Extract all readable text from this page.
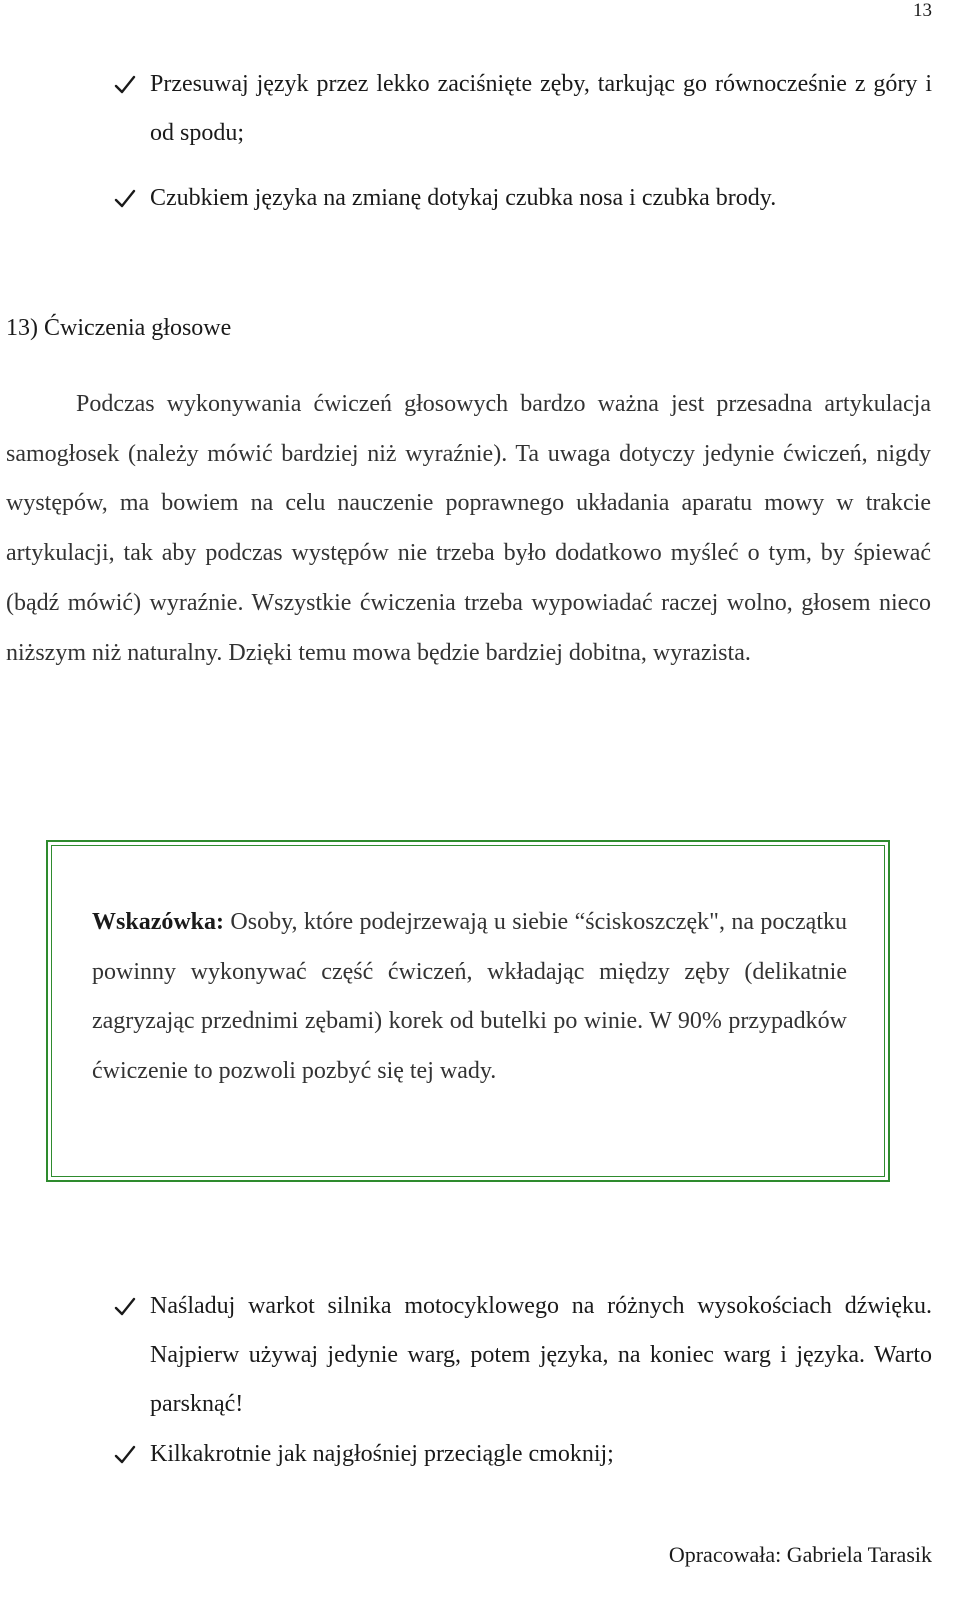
13
Przesuwaj język przez lekko zaciśnięte zęby, tarkując go równocześnie z góry i od spodu;
Czubkiem języka na zmianę dotykaj czubka nosa i czubka brody.
13) Ćwiczenia głosowe

Podczas wykonywania ćwiczeń głosowych bardzo ważna jest przesadna artykulacja samogłosek (należy mówić bardziej niż wyraźnie). Ta uwaga dotyczy jedynie ćwiczeń, nigdy występów, ma bowiem na celu nauczenie poprawnego układania aparatu mowy w trakcie artykulacji, tak aby podczas występów nie trzeba było dodatkowo myśleć o tym, by śpiewać (bądź mówić) wyraźnie. Wszystkie ćwiczenia trzeba wypowiadać raczej wolno, głosem nieco niższym niż naturalny. Dzięki temu mowa będzie bardziej dobitna, wyrazista.

Wskazówka: Osoby, które podejrzewają u siebie “ściskoszczęk", na początku powinny wykonywać część ćwiczeń, wkładając między zęby (delikatnie zagryzając przednimi zębami) korek od butelki po winie. W 90% przypadków ćwiczenie to pozwoli pozbyć się tej wady.

Naśladuj warkot silnika motocyklowego na różnych wysokościach dźwięku. Najpierw używaj jedynie warg, potem języka, na koniec warg i języka. Warto parsknąć!
Kilkakrotnie jak najgłośniej przeciągle cmoknij;
Opracowała: Gabriela Tarasik
